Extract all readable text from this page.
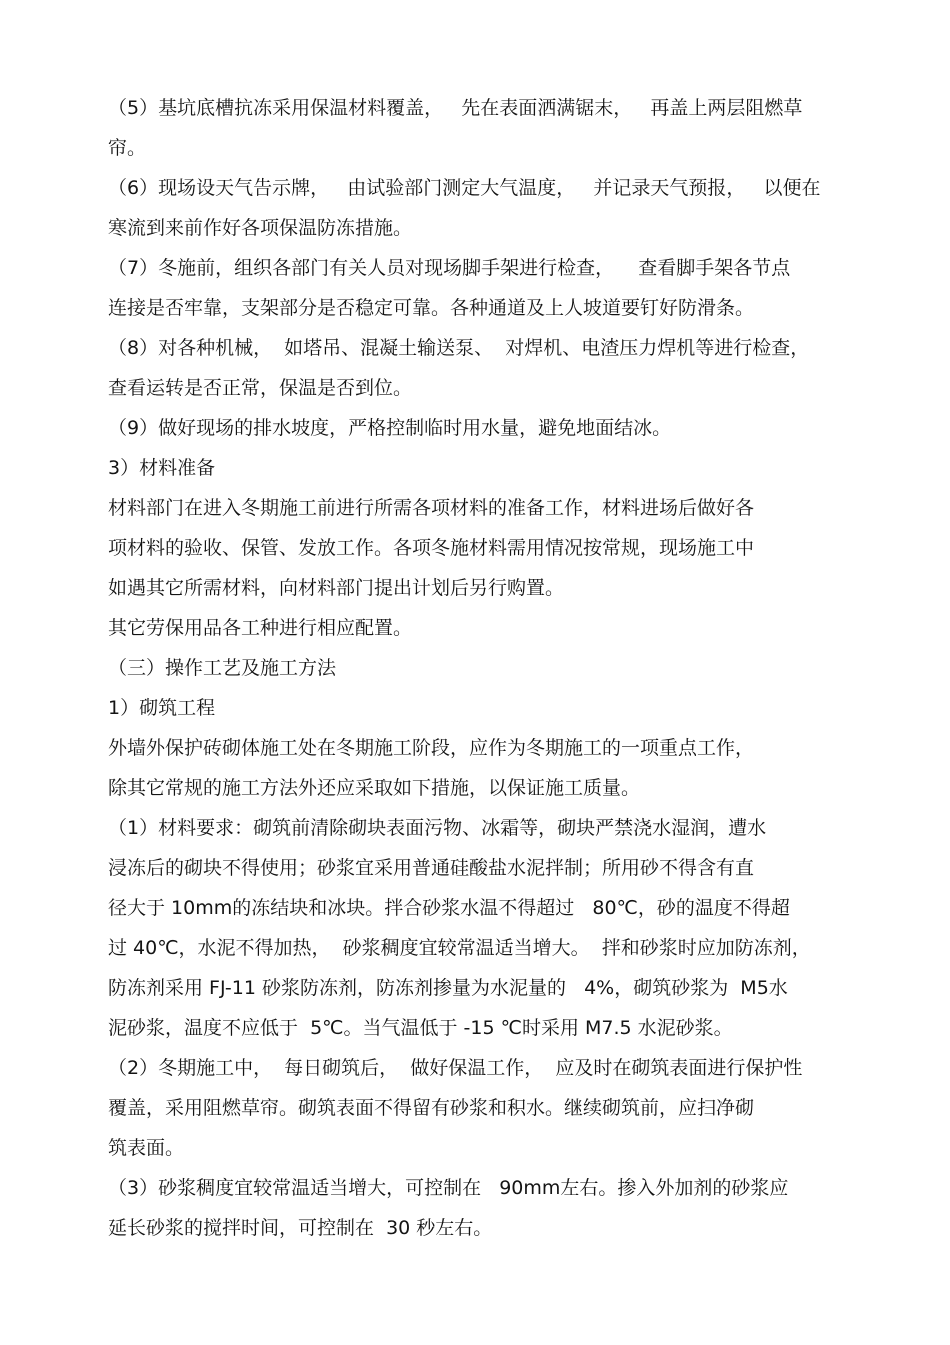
（5）基坑底槽抗冻采用保温材料覆盖，   先在表面洒满锯末，   再盖上两层阻燃草
帘。
（6）现场设天气告示牌，   由试验部门测定大气温度，   并记录天气预报，   以便在
寒流到来前作好各项保温防冻措施。
（7）冬施前，组织各部门有关人员对现场脚手架进行检查，    查看脚手架各节点
连接是否牢靠，支架部分是否稳定可靠。各种通道及上人坡道要钉好防滑条。
（8）对各种机械，  如塔吊、混凝土输送泵、  对焊机、电渣压力焊机等进行检查，
查看运转是否正常，保温是否到位。
（9）做好现场的排水坡度，严格控制临时用水量，避免地面结冰。
3）材料准备
材料部门在进入冬期施工前进行所需各项材料的准备工作，材料进场后做好各
项材料的验收、保管、发放工作。各项冬施材料需用情况按常规，现场施工中
如遇其它所需材料，向材料部门提出计划后另行购置。
其它劳保用品各工种进行相应配置。
（三）操作工艺及施工方法
1）砌筑工程
外墙外保护砖砌体施工处在冬期施工阶段，应作为冬期施工的一项重点工作，
除其它常规的施工方法外还应采取如下措施，以保证施工质量。
（1）材料要求：砌筑前清除砌块表面污物、冰霜等，砌块严禁浇水湿润，遭水
浸冻后的砌块不得使用；砂浆宜采用普通硅酸盐水泥拌制；所用砂不得含有直
径大于 10mm的冻结块和冰块。拌合砂浆水温不得超过   80℃，砂的温度不得超
过 40℃，水泥不得加热，  砂浆稠度宜较常温适当增大。  拌和砂浆时应加防冻剂，
防冻剂采用 FJ-11 砂浆防冻剂，防冻剂掺量为水泥量的   4%，砌筑砂浆为  M5水
泥砂浆，温度不应低于  5℃。当气温低于 -15 ℃时采用 M7.5 水泥砂浆。
（2）冬期施工中，  每日砌筑后，  做好保温工作，  应及时在砌筑表面进行保护性
覆盖，采用阻燃草帘。砌筑表面不得留有砂浆和积水。继续砌筑前，应扫净砌
筑表面。
（3）砂浆稠度宜较常温适当增大，可控制在   90mm左右。掺入外加剂的砂浆应
延长砂浆的搅拌时间，可控制在  30 秒左右。
